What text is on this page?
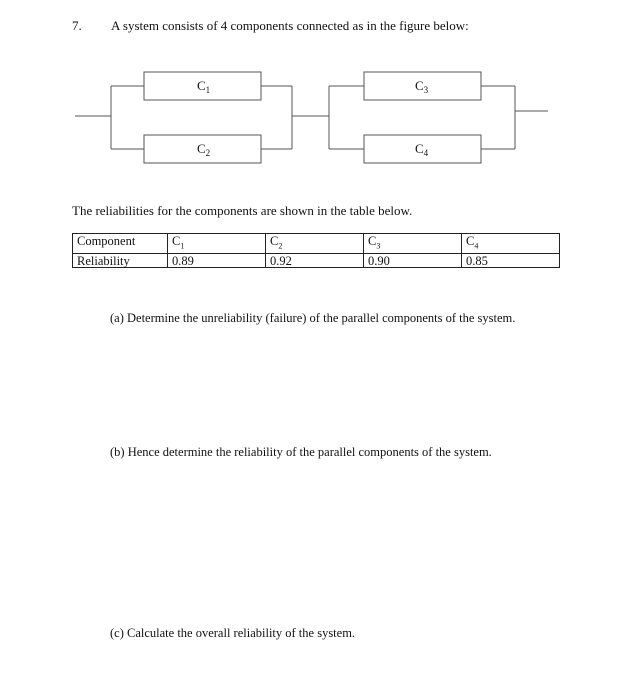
7. A system consists of 4 components connected as in the figure below:
$C_1$
$C_2$
$C_3$
$C_4$
The reliabilities for the components are shown in the table below.
Component	$C_1$	$C_2$	$C_3$	$C_4$
Reliability	0.89	0.92	0.90	0.85
(a) Determine the unreliability (failure) of the parallel components of the system.
(b) Hence determine the reliability of the parallel components of the system.
(c) Calculate the overall reliability of the system.
